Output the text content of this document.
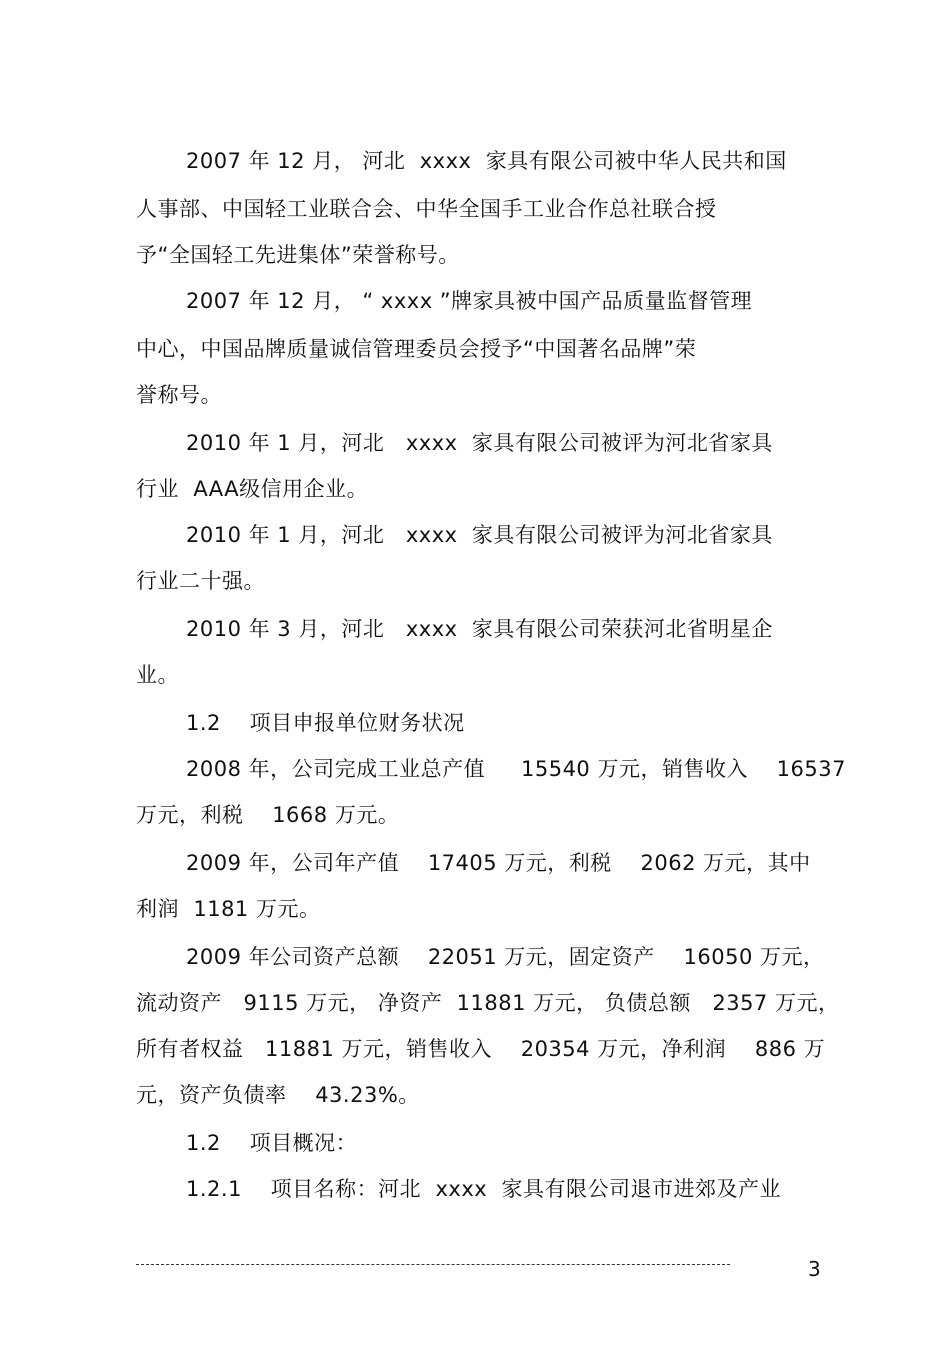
2007 年 12 月， 河北  xxxx  家具有限公司被中华人民共和国
人事部、中国轻工业联合会、中华全国手工业合作总社联合授
予“全国轻工先进集体”荣誉称号。
2007 年 12 月， “ xxxx ”牌家具被中国产品质量监督管理
中心，中国品牌质量诚信管理委员会授予“中国著名品牌”荣
誉称号。
2010 年 1 月，河北   xxxx  家具有限公司被评为河北省家具
行业  AAA级信用企业。
2010 年 1 月，河北   xxxx  家具有限公司被评为河北省家具
行业二十强。
2010 年 3 月，河北   xxxx  家具有限公司荣获河北省明星企
业。
1.2    项目申报单位财务状况
2008 年，公司完成工业总产值     15540 万元，销售收入    16537
万元，利税    1668 万元。
2009 年，公司年产值    17405 万元，利税    2062 万元，其中
利润  1181 万元。
2009 年公司资产总额    22051 万元，固定资产    16050 万元，
流动资产   9115 万元， 净资产  11881 万元， 负债总额   2357 万元，
所有者权益   11881 万元，销售收入    20354 万元，净利润    886 万
元，资产负债率    43.23%。
1.2    项目概况：
1.2.1    项目名称：河北  xxxx  家具有限公司退市进郊及产业
3
